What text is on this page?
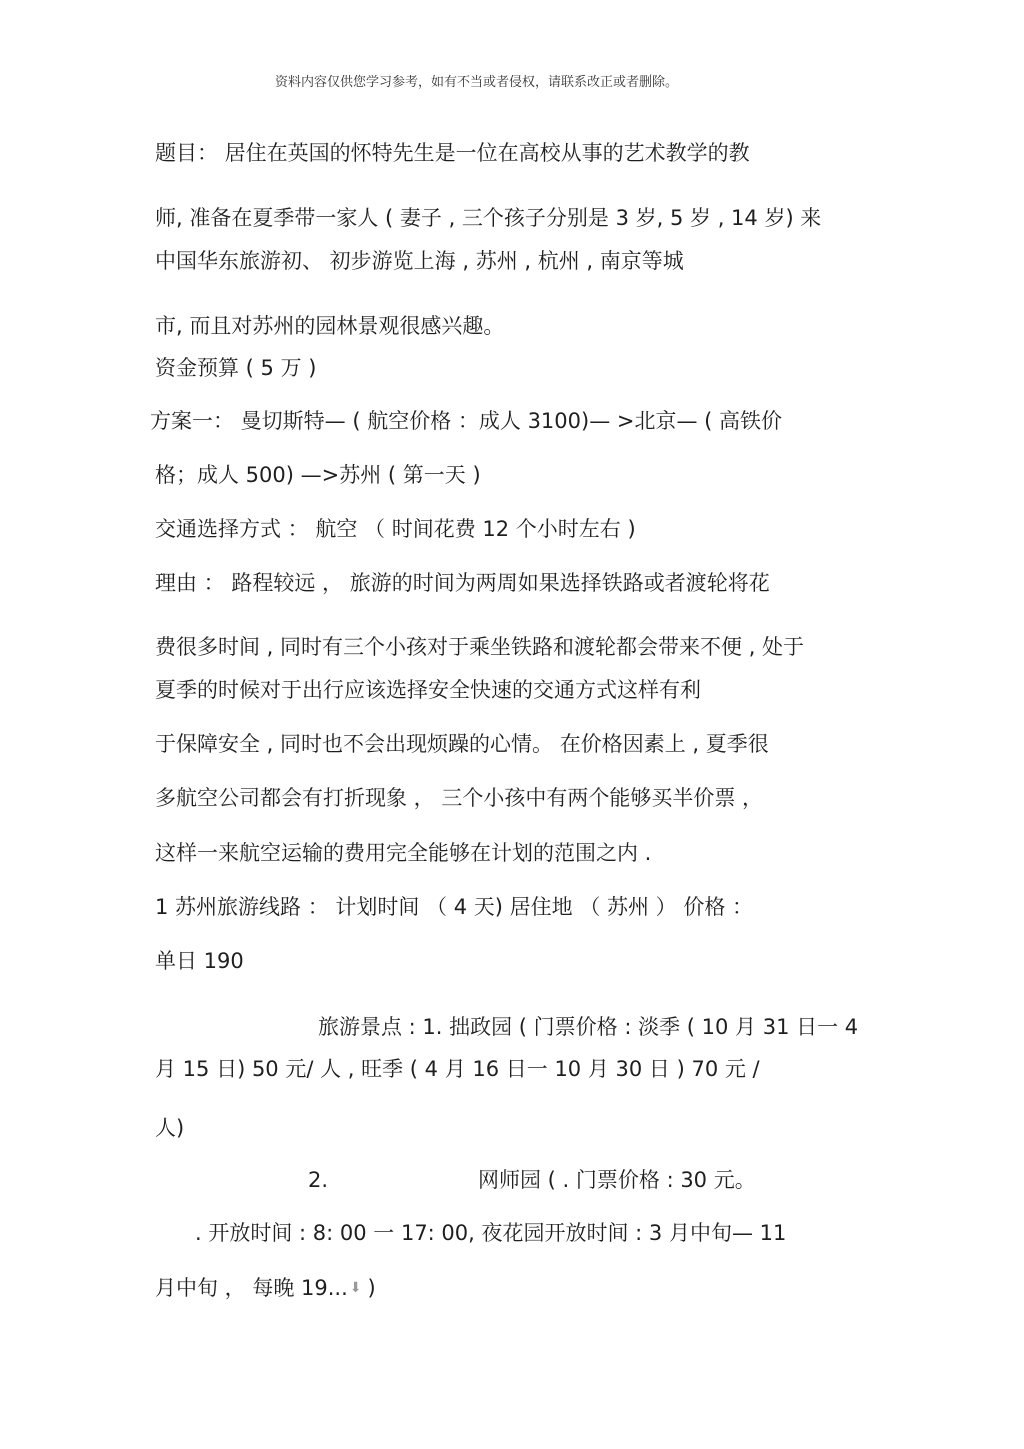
资料内容仅供您学习参考，如有不当或者侵权，请联系改正或者删除。
题目： 居住在英国的怀特先生是一位在高校从事的艺术教学的教
师, 准备在夏季带一家人 ( 妻子 , 三个孩子分别是 3 岁, 5 岁 , 14 岁) 来
中国华东旅游初、 初步游览上海 , 苏州 , 杭州 , 南京等城
市, 而且对苏州的园林景观很感兴趣。
资金预算 ( 5 万 )
方案一： 曼切斯特— ( 航空价格 ：成人 3100)— >北京— ( 高铁价
格；成人 500) —>苏州 ( 第一天 )
交通选择方式 ： 航空 （ 时间花费 12 个小时左右 )
理由 ： 路程较远 ， 旅游的时间为两周如果选择铁路或者渡轮将花
费很多时间 , 同时有三个小孩对于乘坐铁路和渡轮都会带来不便 , 处于
夏季的时候对于出行应该选择安全快速的交通方式这样有利
于保障安全 , 同时也不会出现烦躁的心情。 在价格因素上 , 夏季很
多航空公司都会有打折现象 ， 三个小孩中有两个能够买半价票 ，
这样一来航空运输的费用完全能够在计划的范围之内 .
1 苏州旅游线路 ： 计划时间 （ 4 天) 居住地 （ 苏州 ） 价格 ：
单日 190
旅游景点 : 1. 拙政园 ( 门票价格 : 淡季 ( 10 月 31 日一 4
月 15 日) 50 元/ 人 , 旺季 ( 4 月 16 日一 10 月 30 日 ) 70 元 /
人)
2.	网师园 ( . 门票价格 : 30 元。
. 开放时间 : 8: 00 一 17: 00, 夜花园开放时间 : 3 月中旬— 11
月中旬 ， 每晚 19... ⬇ )
